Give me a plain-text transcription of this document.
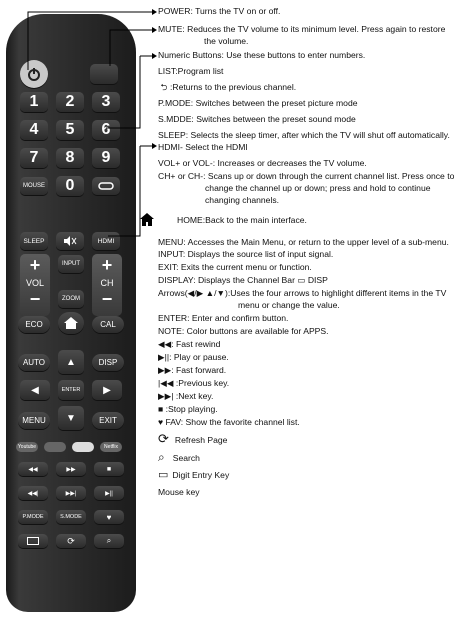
1	2	3
4	5	6
7	8	9
MOUSE	0
SLEEP	HDMI
+
VOL
−
INPUT
ZOOM
+
CH
−
ECO	CAL
AUTO	▲	DISP
◀	ENTER	▶
MENU	▼	EXIT
Youtube	Netflix
◀◀	▶▶	■
◀◀|	▶▶|	▶||
P.MODE	S.MODE	♥
⟳	⌕
POWER: Turns the TV on or off.
MUTE: Reduces the TV volume to its minimum level. Press again to restore
the volume.
Numeric Buttons: Use these buttons to enter numbers.
LIST:Program list
⮌ :Returns to the previous channel.
P.MODE: Switches between the preset picture mode
S.MDDE: Switches between the preset sound mode
SLEEP: Selects the sleep timer, after which the TV will shut off automatically.
HDMI- Select the HDMI
VOL+ or VOL-: Increases or decreases the TV volume.
CH+ or CH-: Scans up or down through the current channel list. Press once to
change the channel up or down; press and hold to continue
changing channels.
HOME:Back to the main interface.
MENU: Accesses the Main Menu, or return to the upper level of a sub-menu.
INPUT: Displays the source list of input signal.
EXIT: Exits the current menu or function.
DISPLAY: Displays the Channel Bar ▭ DISP
Arrows(◀/▶ ▲/▼):Uses the four arrows to highlight different items in the TV
menu or change the value.
ENTER: Enter and confirm button.
NOTE: Color buttons are available for APPS.
◀◀: Fast rewind
▶||: Play or pause.
▶▶: Fast forward.
|◀◀ :Previous key.
▶▶| :Next key.
■ :Stop playing.
♥ FAV: Show the favorite channel list.
⟳ Refresh Page
⌕ Search
▭ Digit Entry Key
Mouse key
